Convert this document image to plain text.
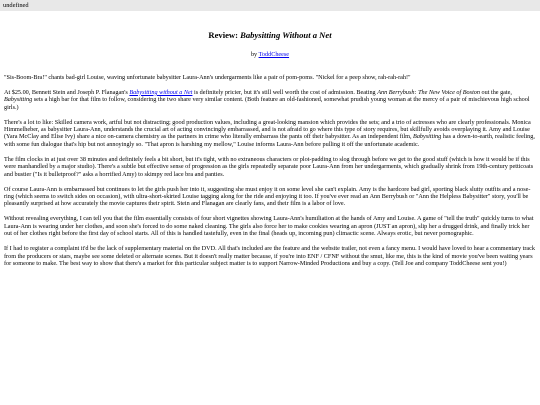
undefined
Review: Babysitting Without a Net
by ToddCheese

"Sis-Boom-Bra!" chants bad-girl Louise, waving unfortunate babysitter Laura-Ann's undergarments like a pair of pom-poms. "Nickel for a peep show, rah-rah-rah!"

At $25.00, Bennett Stein and Joseph P. Flanagan's Babysitting without a Net is definitely pricier, but it's still well worth the cost of admission. Beating Ann Berrybush: The New Voice of Boston out the gate, Babysitting sets a high bar for that film to follow, considering the two share very similar content. (Both feature an old-fashioned, somewhat prudish young woman at the mercy of a pair of mischievous high school girls.)

There's a lot to like: Skilled camera work, artful but not distracting; good production values, including a great-looking mansion which provides the sets; and a trio of actresses who are clearly professionals. Monica Himmelheber, as babysitter Laura-Ann, understands the crucial art of acting convincingly embarrassed, and is not afraid to go where this type of story requires, but skillfully avoids overplaying it. Amy and Louise (Yara McClay and Elise Ivy) share a nice on-camera chemistry as the partners in crime who literally embarrass the pants off their babysitter. As an independent film, Babysitting has a down-to-earth, realistic feeling, with some fun dialogue that's hip but not annoyingly so. "That apron is harshing my mellow," Louise informs Laura-Ann before pulling it off the unfortunate academic.

The film clocks in at just over 38 minutes and definitely feels a bit short, but it's tight, with no extraneous characters or plot-padding to slog through before we get to the good stuff (which is how it would be if this were manhandled by a major studio). There's a subtle but effective sense of progression as the girls repeatedly separate poor Laura-Ann from her undergarments, which gradually shrink from 19th-century petticoats and bustier ("Is it bulletproof?" asks a horrified Amy) to skimpy red lace bra and panties.

Of course Laura-Ann is embarrassed but continues to let the girls push her into it, suggesting she must enjoy it on some level she can't explain. Amy is the hardcore bad girl, sporting black slutty outfits and a nose-ring (which seems to switch sides on occasion), with ultra-short-skirted Louise tagging along for the ride and enjoying it too. If you've ever read an Ann Berrybush or "Ann the Helpless Babysitter" story, you'll be pleasantly surprised at how accurately the movie captures their spirit. Stein and Flanagan are clearly fans, and their film is a labor of love.

Without revealing everything, I can tell you that the film essentially consists of four short vignettes showing Laura-Ann's humiliation at the hands of Amy and Louise. A game of "tell the truth" quickly turns to what Laura-Ann is wearing under her clothes, and soon she's forced to do some naked cleaning. The girls also force her to make cookies wearing an apron (JUST an apron), slip her a drugged drink, and finally trick her out of her clothes right before the first day of school starts. All of this is handled tastefully, even in the final (heads up, incoming pun) climactic scene. Always erotic, but never pornographic.

If I had to register a complaint it'd be the lack of supplementary material on the DVD. All that's included are the feature and the website trailer, not even a fancy menu. I would have loved to hear a commentary track from the producers or stars, maybe see some deleted or alternate scenes. But it doesn't really matter because, if you're into ENF / CFNF without the smut, like me, this is the kind of movie you've been waiting years for someone to make. The best way to show that there's a market for this particular subject matter is to support Narrow-Minded Productions and buy a copy. (Tell Joe and company ToddCheese sent you!)
